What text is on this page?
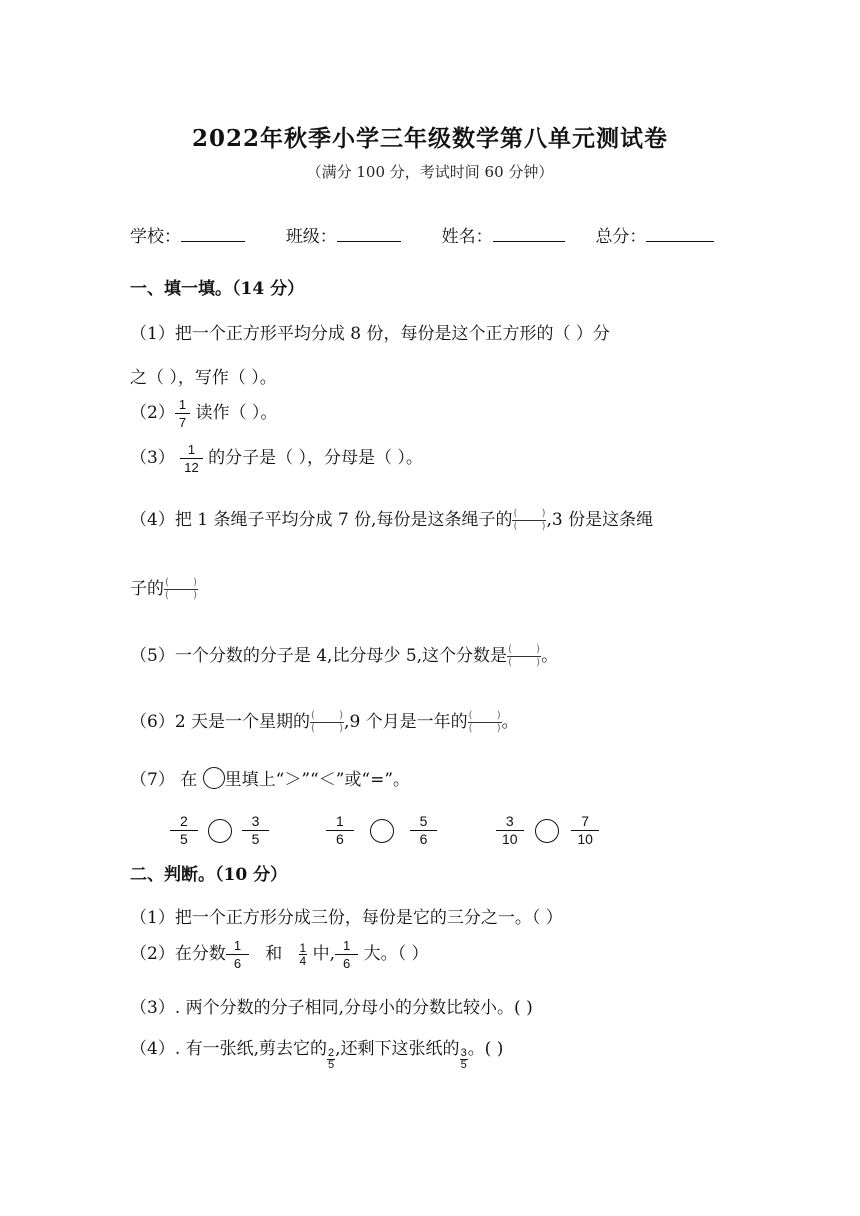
2022年秋季小学三年级数学第八单元测试卷
（满分 100 分，考试时间 60 分钟）
学校：	班级：	姓名：	总分：
一、填一填。（14 分）
（1）把一个正方形平均分成 8 份，每份是这个正方形的（ ）分
之（ ），写作（ ）。
$(2) \frac{1}{7}$ 读作（ ）。
$(3) \frac{1}{12}$ 的分子是（ ），分母是（ ）。
（4）把 1 条绳子平均分成 7 份,每份是这条绳子的 ( )
( ) ,3 份是这条绳
子的 ( )
( )
（5）一个分数的分子是 4,比分母少 5,这个分数是 ( )
( ) 。
（6）2 天是一个星期的 ( )
( ) ,9 个月是一年的 ( )
( ) 。
（7） 在 里填上“＞”“＜”或“=”。
$\frac{2}{5}$
	$\frac{3}{5}$	$\frac{1}{6}$
	$\frac{5}{6}$	$\frac{3}{10}$
	$\frac{7}{10}$
二、判断。（10 分）
（1）把一个正方形分成三份，每份是它的三分之一。（ ）
（2）在分数 $\frac{1}{6}$ 和 $\frac{1}{4}$ 中, $\frac{1}{6}$ 大。（ ）
（3）. 两个分数的分子相同,分母小的分数比较小。( )
（4）. 有一张纸,剪去它的 $\frac{2}{5}$ ,还剩下这张纸的 $\frac{3}{5}$ 。( )
